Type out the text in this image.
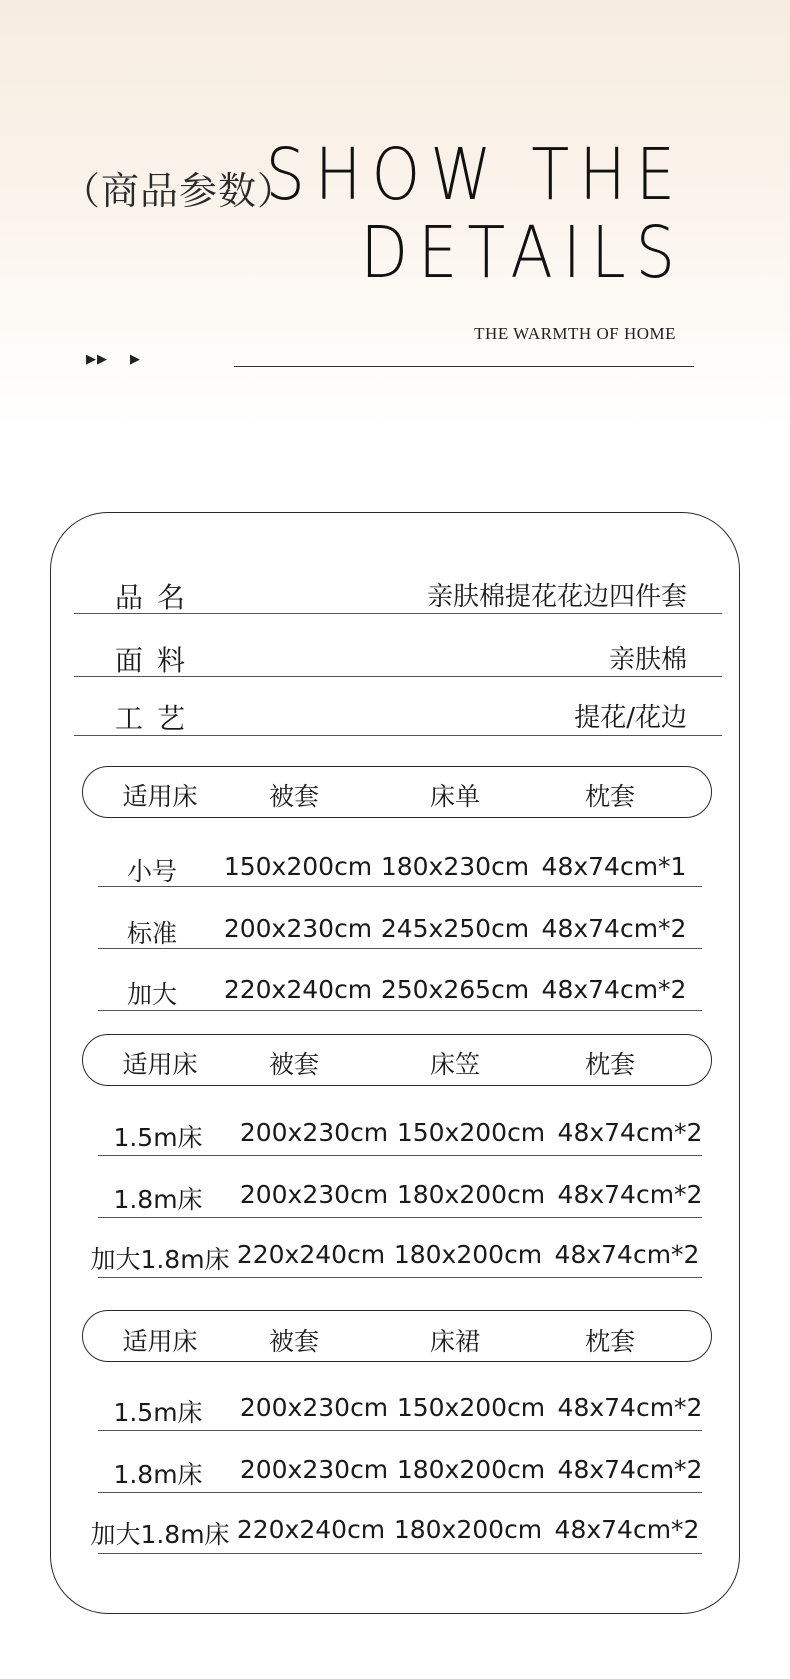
（商品参数）
SHOW THE
DETAILS
THE WARMTH OF HOME
▶▶ ▶
品名	亲肤棉提花花边四件套
面料	亲肤棉
工艺	提花/花边
适用床	被套	床单	枕套
小号 150x200cm 180x230cm 48x74cm*1
标准 200x230cm 245x250cm 48x74cm*2
加大 220x240cm 250x265cm 48x74cm*2
适用床	被套	床笠	枕套
1.5m床 200x230cm 150x200cm 48x74cm*2
1.8m床 200x230cm 180x200cm 48x74cm*2
加大1.8m床 220x240cm 180x200cm 48x74cm*2
适用床	被套	床裙	枕套
1.5m床 200x230cm 150x200cm 48x74cm*2
1.8m床 200x230cm 180x200cm 48x74cm*2
加大1.8m床 220x240cm 180x200cm 48x74cm*2
